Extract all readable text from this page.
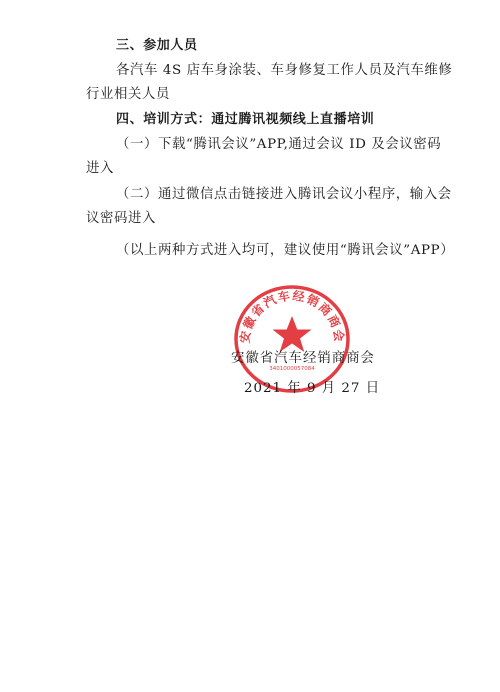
三、参加人员
各汽车 4S 店车身涂装、车身修复工作人员及汽车维修
行业相关人员
四、培训方式：通过腾讯视频线上直播培训
（一）下载“腾讯会议”APP,通过会议 ID 及会议密码
进入
（二）通过微信点击链接进入腾讯会议小程序，输入会
议密码进入
（以上两种方式进入均可，建议使用“腾讯会议”APP）
安徽省汽车经销商商会
3401000057084
安徽省汽车经销商商会
2021 年 9 月 27 日
